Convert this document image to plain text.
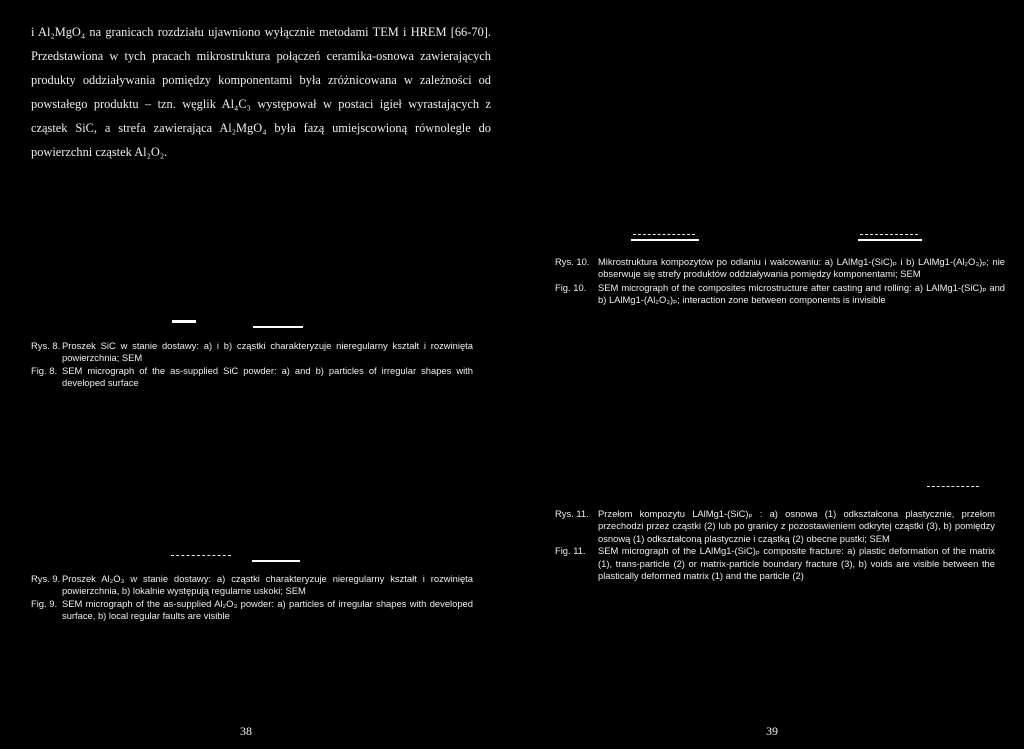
i Al₂MgO₄ na granicach rozdziału ujawniono wyłącznie metodami TEM i HREM [66-70]. Przedstawiona w tych pracach mikrostruktura połączeń ceramika-osnowa zawierających produkty oddziaływania pomiędzy komponentami była zróżnicowana w zależności od powstałego produktu – tzn. węglik Al₄C₃ występował w postaci igieł wyrastających z cząstek SiC, a strefa zawierająca Al₂MgO₄ była fazą umiejscowioną równolegle do powierzchni cząstek Al₂O₂.

Rys. 10. Mikrostruktura kompozytów po odlaniu i walcowaniu: a) LAlMg1-(SiC)ₚ i b) LAlMg1-(Al₂O₃)ₚ; nie obserwuje się strefy produktów oddziaływania pomiędzy komponentami; SEM
Fig. 10.	SEM micrograph of the composites microstructure after casting and rolling: a) LAlMg1-(SiC)ₚ and b) LAlMg1-(Al₂O₃)ₚ; interaction zone between components is invisible
Rys. 8. Proszek SiC w stanie dostawy: a) i b) cząstki charakteryzuje nieregularny kształt i rozwinięta powierzchnia; SEM
Fig. 8. SEM micrograph of the as-supplied SiC powder: a) and b) particles of irregular shapes with developed surface
Rys. 11. Przełom kompozytu LAlMg1-(SiC)ₚ : a) osnowa (1) odkształcona plastycznie, przełom przechodzi przez cząstki (2) lub po granicy z pozostawieniem odkrytej cząstki (3), b) pomiędzy osnową (1) odkształconą plastycznie i cząstką (2) obecne pustki; SEM
Fig. 11.	SEM micrograph of the LAlMg1-(SiC)ₚ composite fracture: a) plastic deformation of the matrix (1), trans-particle (2) or matrix-particle boundary fracture (3), b) voids are visible between the plastically deformed matrix (1) and the particle (2)
Rys. 9. Proszek Al₂O₃ w stanie dostawy: a) cząstki charakteryzuje nieregularny kształt i rozwinięta powierzchnia, b) lokalnie występują regularne uskoki; SEM
Fig. 9. SEM micrograph of the as-supplied Al₂O₃ powder: a) particles of irregular shapes with developed surface, b) local regular faults are visible
38	39
